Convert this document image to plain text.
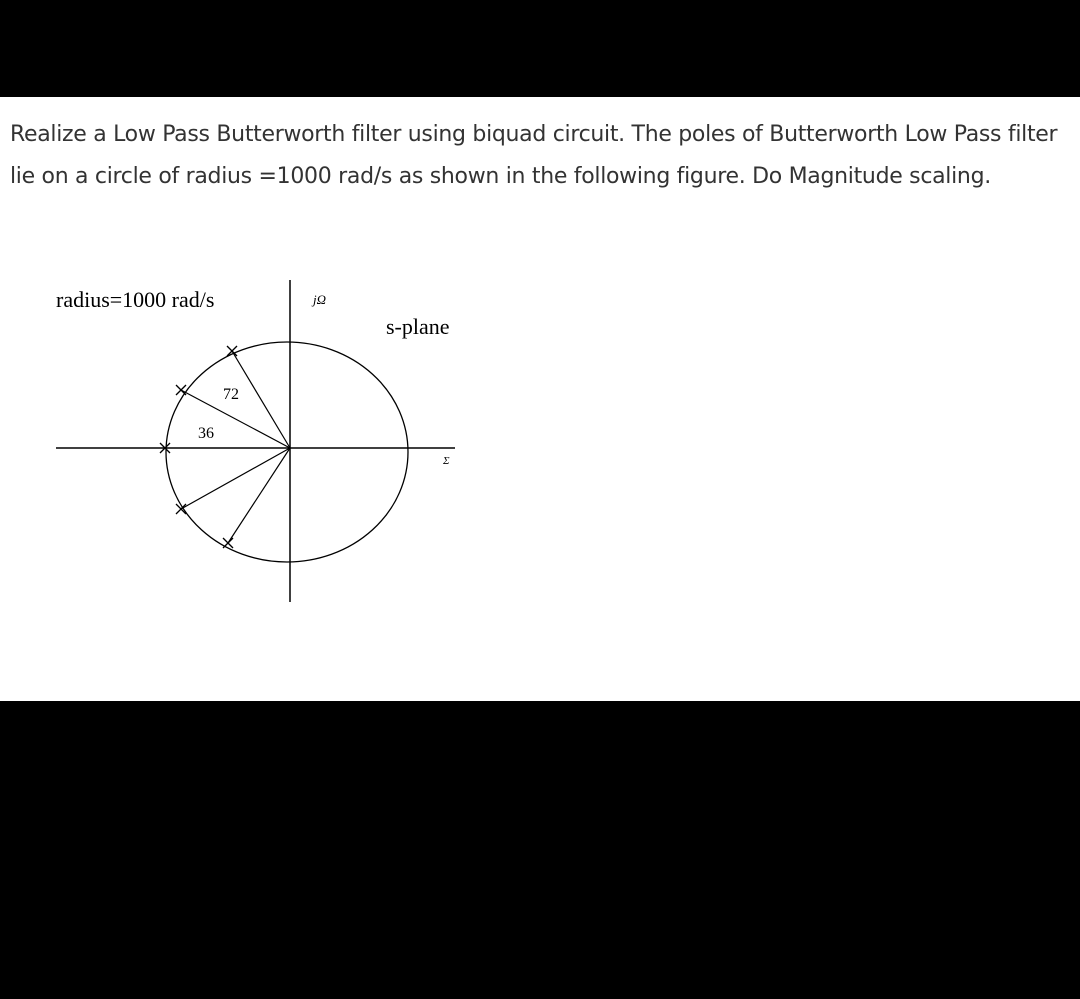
Realize a Low Pass Butterworth filter using biquad circuit. The poles of Butterworth Low Pass filter lie on a circle of radius =1000 rad/s as shown in the following figure. Do Magnitude scaling.

radius=1000 rad/s	jΩ
s-plane
Σ
72
36
